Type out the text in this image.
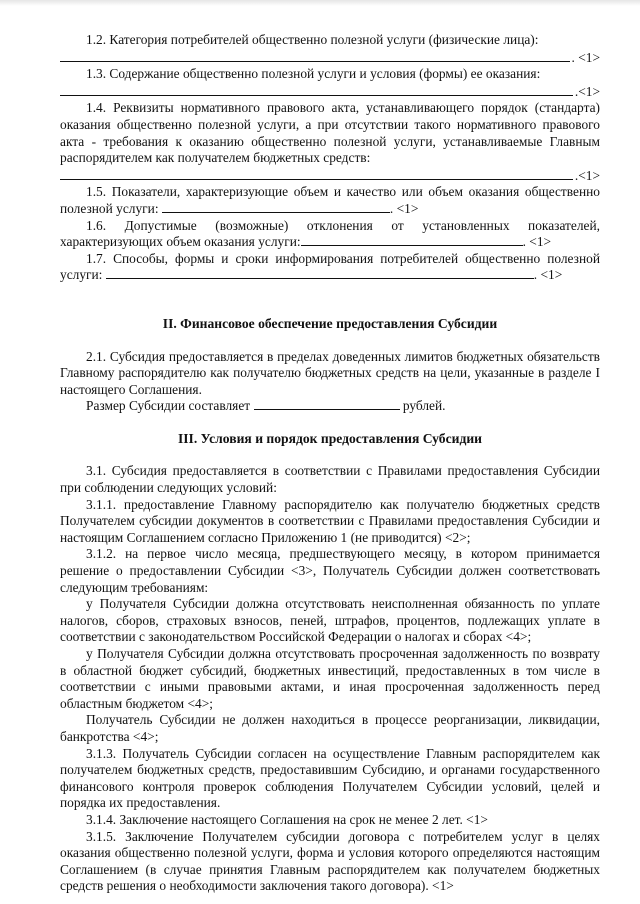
1.2. Категория потребителей общественно полезной услуги (физические лица):

. <1>

1.3. Содержание общественно полезной услуги и условия (формы) ее оказания:

.<1>

1.4. Реквизиты нормативного правового акта, устанавливающего порядок (стандарта) оказания общественно полезной услуги, а при отсутствии такого нормативного правового акта - требования к оказанию общественно полезной услуги, устанавливаемые Главным распорядителем как получателем бюджетных средств:

.<1>

1.5. Показатели, характеризующие объем и качество или объем оказания общественно полезной услуги:	. <1>

1.6. Допустимые (возможные) отклонения от установленных показателей, характеризующих объем оказания услуги:	. <1>

1.7. Способы, формы и сроки информирования потребителей общественно полезной услуги:	. <1>

II. Финансовое обеспечение предоставления Субсидии

2.1. Субсидия предоставляется в пределах доведенных лимитов бюджетных обязательств Главному распорядителю как получателю бюджетных средств на цели, указанные в разделе I настоящего Соглашения.

Размер Субсидии составляет	рублей.

III. Условия и порядок предоставления Субсидии

3.1. Субсидия предоставляется в соответствии с Правилами предоставления Субсидии при соблюдении следующих условий:

3.1.1. предоставление Главному распорядителю как получателю бюджетных средств Получателем субсидии документов в соответствии с Правилами предоставления Субсидии и настоящим Соглашением согласно Приложению 1 (не приводится) <2>;

3.1.2. на первое число месяца, предшествующего месяцу, в котором принимается решение о предоставлении Субсидии <3>, Получатель Субсидии должен соответствовать следующим требованиям:

у Получателя Субсидии должна отсутствовать неисполненная обязанность по уплате налогов, сборов, страховых взносов, пеней, штрафов, процентов, подлежащих уплате в соответствии с законодательством Российской Федерации о налогах и сборах <4>;

у Получателя Субсидии должна отсутствовать просроченная задолженность по возврату в областной бюджет субсидий, бюджетных инвестиций, предоставленных в том числе в соответствии с иными правовыми актами, и иная просроченная задолженность перед областным бюджетом <4>;

Получатель Субсидии не должен находиться в процессе реорганизации, ликвидации, банкротства <4>;

3.1.3. Получатель Субсидии согласен на осуществление Главным распорядителем как получателем бюджетных средств, предоставившим Субсидию, и органами государственного финансового контроля проверок соблюдения Получателем Субсидии условий, целей и порядка их предоставления.

3.1.4. Заключение настоящего Соглашения на срок не менее 2 лет. <1>

3.1.5. Заключение Получателем субсидии договора с потребителем услуг в целях оказания общественно полезной услуги, форма и условия которого определяются настоящим Соглашением (в случае принятия Главным распорядителем как получателем бюджетных средств решения о необходимости заключения такого договора). <1>
